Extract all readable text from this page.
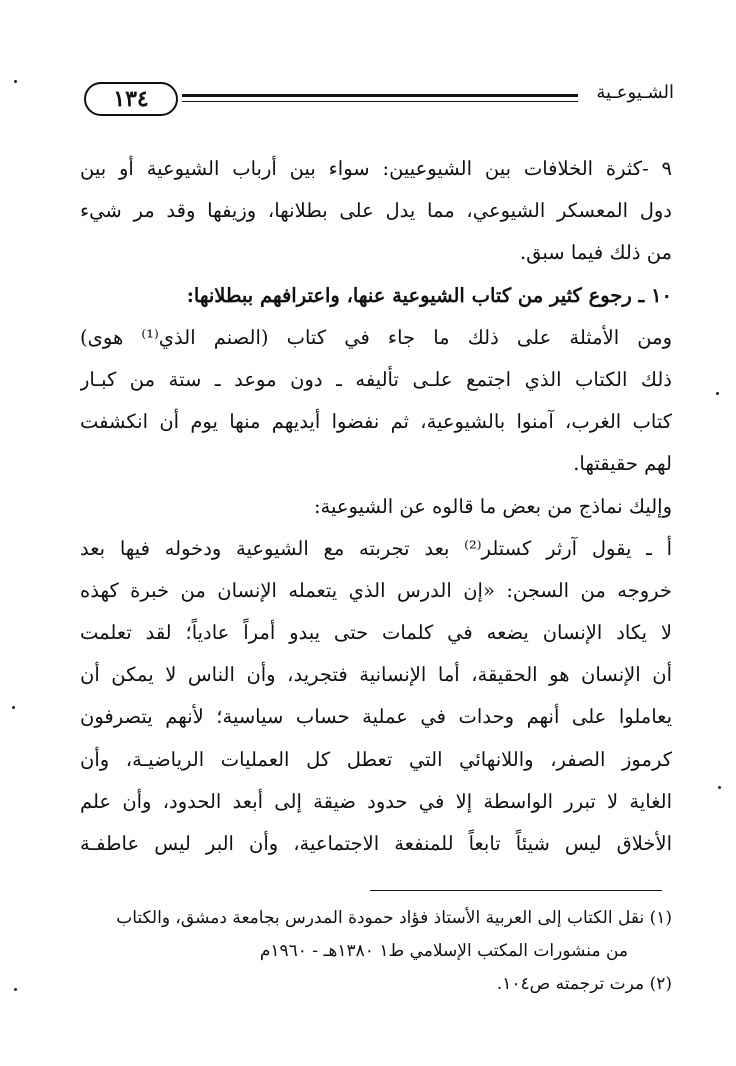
١٣٤	الشـيوعـية
٩ -كثرة الخلافات بين الشيوعيين: سواء بين أرباب الشيوعية أو بين
دول المعسكر الشيوعي، مما يدل على بطلانها، وزيفها وقد مر شيء
من ذلك فيما سبق.
١٠ ـ رجوع كثير من كتاب الشيوعية عنها، واعترافهم ببطلانها:
ومن الأمثلة على ذلك ما جاء في كتاب (الصنم الذي⁽¹⁾ هوى)
ذلك الكتاب الذي اجتمع علـى تأليفه ـ دون موعد ـ ستة من كبـار
كتاب الغرب، آمنوا بالشيوعية، ثم نفضوا أيديهم منها يوم أن انكشفت
لهم حقيقتها.
وإليك نماذج من بعض ما قالوه عن الشيوعية:
أ ـ يقول آرثر كستلر⁽²⁾ بعد تجربته مع الشيوعية ودخوله فيها بعد
خروجه من السجن: «إن الدرس الذي يتعمله الإنسان من خبرة كهذه
لا يكاد الإنسان يضعه في كلمات حتى يبدو أمراً عادياً؛ لقد تعلمت
أن الإنسان هو الحقيقة، أما الإنسانية فتجريد، وأن الناس لا يمكن أن
يعاملوا على أنهم وحدات في عملية حساب سياسية؛ لأنهم يتصرفون
كرموز الصفر، واللانهائي التي تعطل كل العمليات الرياضيـة، وأن
الغاية لا تبرر الواسطة إلا في حدود ضيقة إلى أبعد الحدود، وأن علم
الأخلاق ليس شيئاً تابعاً للمنفعة الاجتماعية، وأن البر ليس عاطفـة
(١) نقل الكتاب إلى العربية الأستاذ فؤاد حمودة المدرس بجامعة دمشق، والكتاب
من منشورات المكتب الإسلامي ط١ ١٣٨٠هـ - ١٩٦٠م
(٢) مرت ترجمته ص١٠٤.
